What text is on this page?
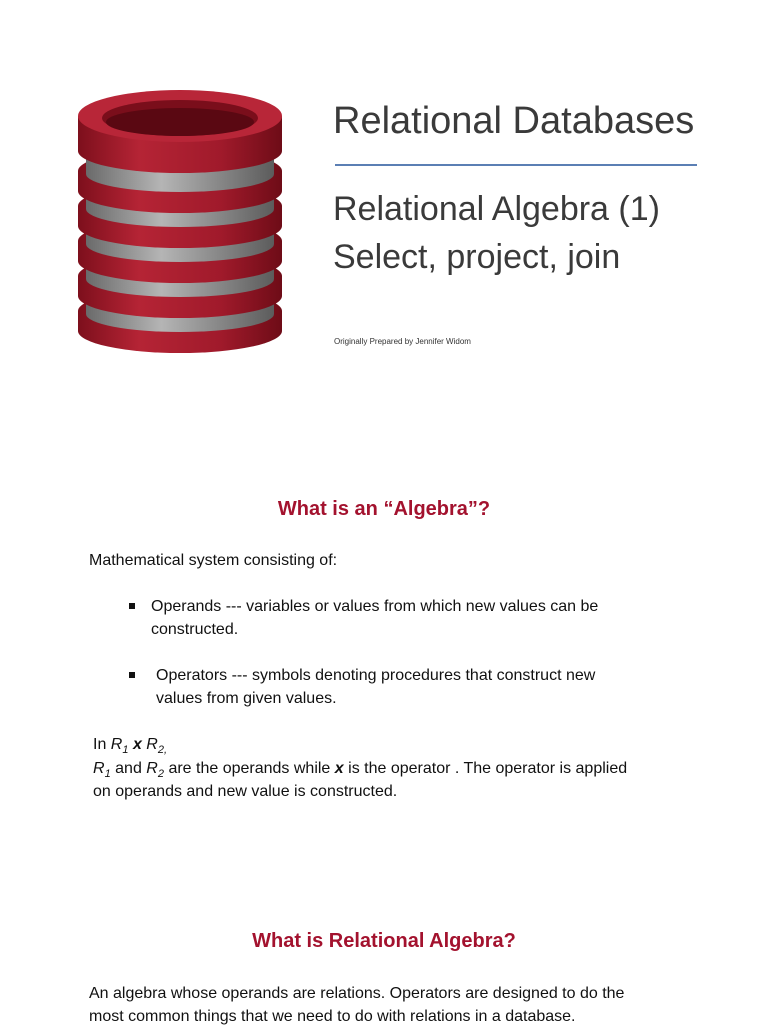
Relational Databases
Relational Algebra (1)
Select, project, join
Originally Prepared by Jennifer Widom
What is an “Algebra”?
Mathematical system consisting of:
Operands --- variables or values from which new values can be
constructed.
Operators --- symbols denoting procedures that construct new
values from given values.
In $R_1$ x $R_{2,}$
$R_1$ and $R_2$ are the operands while x is the operator . The operator is applied
on operands and new value is constructed.
What is Relational Algebra?
An algebra whose operands are relations. Operators are designed to do the
most common things that we need to do with relations in a database.
